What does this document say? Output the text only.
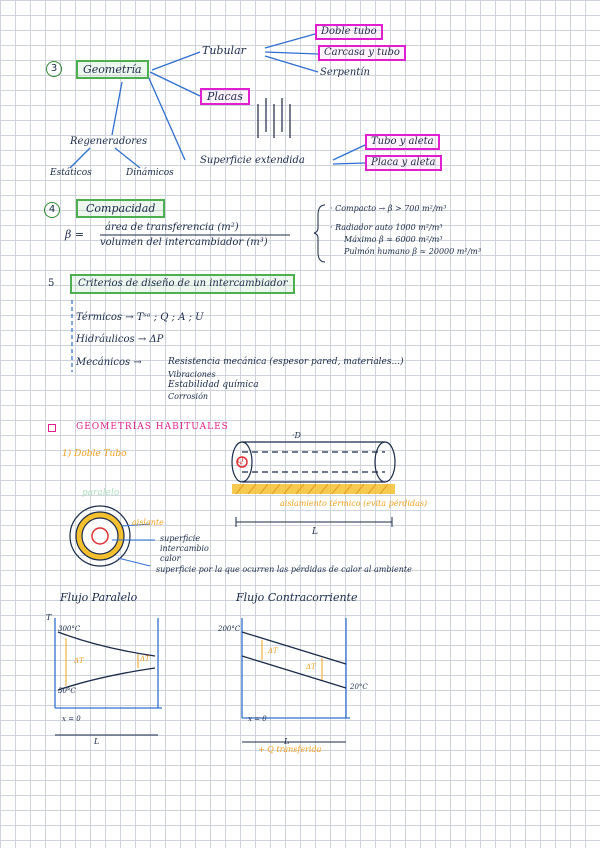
3	Geometría
Tubular
Doble tubo
Carcasa y tubo
Serpentín
Placas
Regeneradores
Estáticos	Dinámicos
Superficie extendida
Tubo y aleta
Placa y aleta
4	Compacidad
β =
área de transferencia (m²)
volumen del intercambiador (m³)
· Compacto → β > 700 m²/m³
· Radiador auto 1000 m²/m³
Máximo β ≈ 6000 m²/m³
Pulmón humano β ≈ 20000 m²/m³
5	Criterios de diseño de un intercambiador
Térmicos → Tˢᵃ ; Q ; A ; U
Hidráulicos → ΔP
Mecánicos →	Resistencia mecánica (espesor pared, materiales...)
Vibraciones
Estabilidad química
Corrosión
GEOMETRÍAS HABITUALES
1) Doble Tubo
paralelo
Q
·D
aislamiento térmico (evita pérdidas)
L
aislante
superficie intercambio calor
superficie por la que ocurren las pérdidas de calor al ambiente
Flujo Paralelo	Flujo Contracorriente
T
300°C
30°C
ΔT	ΔT
x = 0
L
200°C
20°C
ΔT
ΔT
x = 0
L
+ Q transferida
